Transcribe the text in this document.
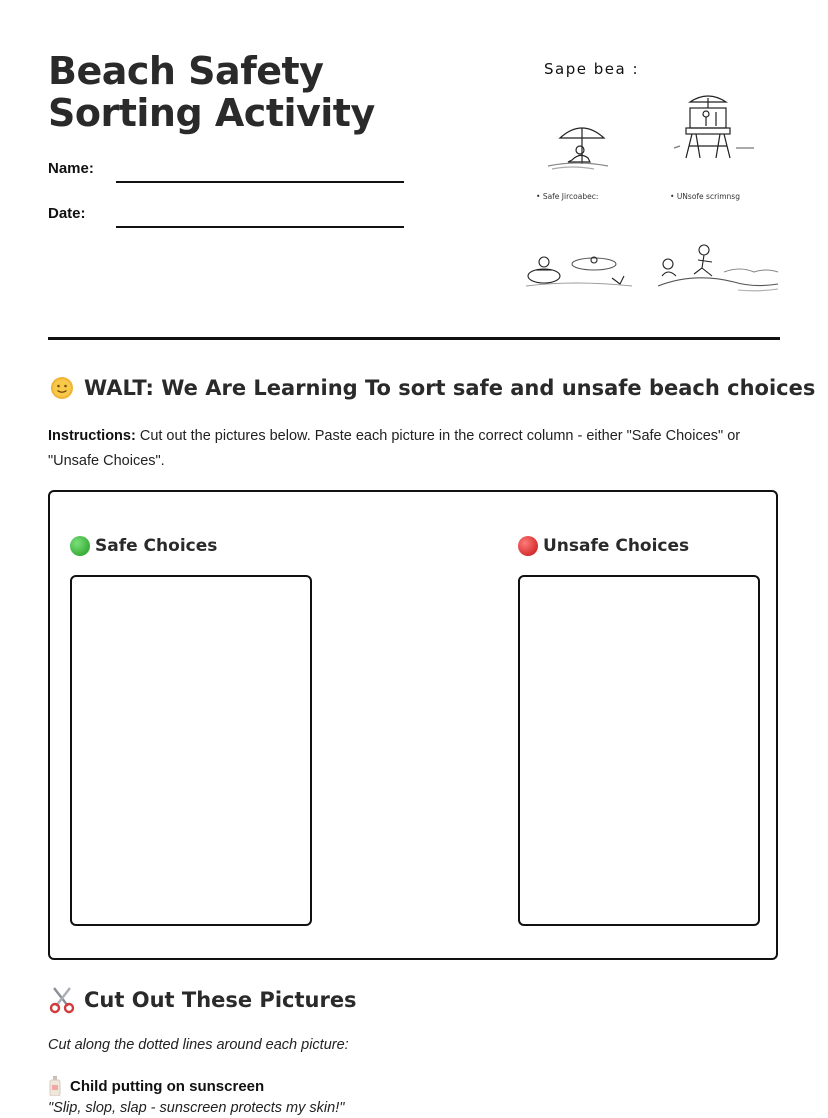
Beach Safety Sorting Activity
Name:
Date:
Sape bea :
• Safe Jircoabec:	• UNsofe scrimnsg
WALT: We Are Learning To sort safe and unsafe beach choices
Instructions: Cut out the pictures below. Paste each picture in the correct column - either "Safe Choices" or "Unsafe Choices".
Safe Choices	Unsafe Choices
Cut Out These Pictures
Cut along the dotted lines around each picture:
Child putting on sunscreen
"Slip, slop, slap - sunscreen protects my skin!"
